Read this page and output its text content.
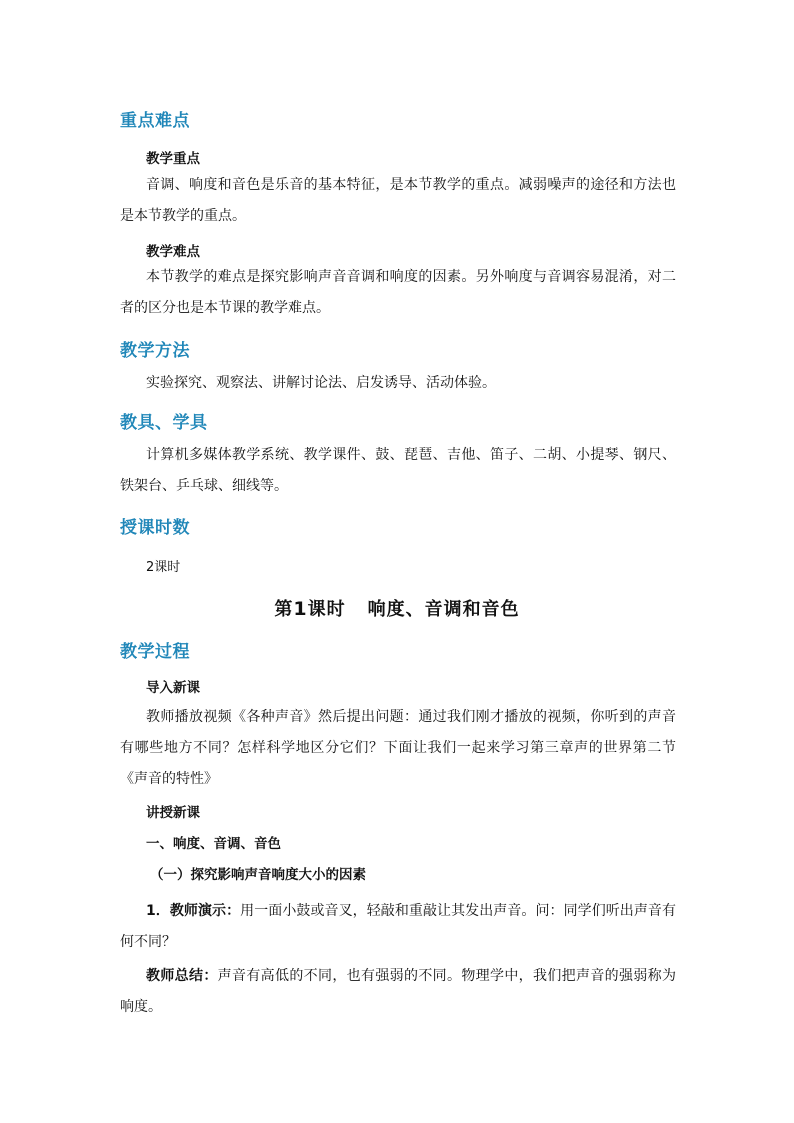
重点难点
教学重点
音调、响度和音色是乐音的基本特征，是本节教学的重点。减弱噪声的途径和方法也是本节教学的重点。
教学难点
本节教学的难点是探究影响声音音调和响度的因素。另外响度与音调容易混淆，对二者的区分也是本节课的教学难点。
教学方法
实验探究、观察法、讲解讨论法、启发诱导、活动体验。
教具、学具
计算机多媒体教学系统、教学课件、鼓、琵琶、吉他、笛子、二胡、小提琴、钢尺、铁架台、乒乓球、细线等。
授课时数
2课时
第1课时 响度、音调和音色
教学过程
导入新课
教师播放视频《各种声音》然后提出问题：通过我们刚才播放的视频，你听到的声音有哪些地方不同？怎样科学地区分它们？下面让我们一起来学习第三章声的世界第二节《声音的特性》
讲授新课
一、响度、音调、音色
（一）探究影响声音响度大小的因素
1．教师演示：用一面小鼓或音叉，轻敲和重敲让其发出声音。问：同学们听出声音有何不同？
教师总结：声音有高低的不同，也有强弱的不同。物理学中，我们把声音的强弱称为响度。
